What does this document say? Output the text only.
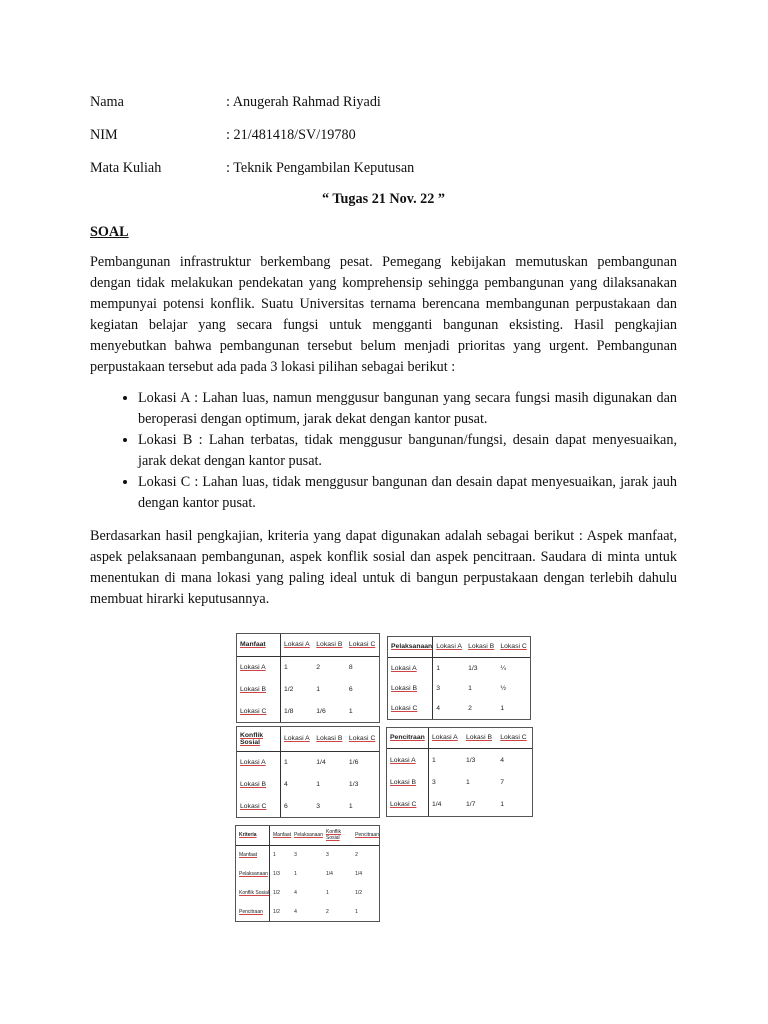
Nama	: Anugerah Rahmad Riyadi
NIM	: 21/481418/SV/19780
Mata Kuliah	: Teknik Pengambilan Keputusan
“ Tugas 21 Nov. 22 ”
SOAL

Pembangunan infrastruktur berkembang pesat. Pemegang kebijakan memutuskan pembangunan dengan tidak melakukan pendekatan yang komprehensip sehingga pembangunan yang dilaksanakan mempunyai potensi konflik. Suatu Universitas ternama berencana membangunan perpustakaan dan kegiatan belajar yang secara fungsi untuk mengganti bangunan eksisting. Hasil pengkajian menyebutkan bahwa pembangunan tersebut belum menjadi prioritas yang urgent. Pembangunan perpustakaan tersebut ada pada 3 lokasi pilihan sebagai berikut :

• Lokasi A : Lahan luas, namun menggusur bangunan yang secara fungsi masih digunakan dan beroperasi dengan optimum, jarak dekat dengan kantor pusat.
• Lokasi B : Lahan terbatas, tidak menggusur bangunan/fungsi, desain dapat menyesuaikan, jarak dekat dengan kantor pusat.
• Lokasi C : Lahan luas, tidak menggusur bangunan dan desain dapat menyesuaikan, jarak jauh dengan kantor pusat.

Berdasarkan hasil pengkajian, kriteria yang dapat digunakan adalah sebagai berikut : Aspek manfaat, aspek pelaksanaan pembangunan, aspek konflik sosial dan aspek pencitraan. Saudara di minta untuk menentukan di mana lokasi yang paling ideal untuk di bangun perpustakaan dengan terlebih dahulu membuat hirarki keputusannya.

Manfaat	Lokasi A	Lokasi B	Lokasi C
Lokasi A	1	2	8
Lokasi B	1/2	1	6
Lokasi C	1/8	1/6	1
Pelaksanaan	Lokasi A	Lokasi B	Lokasi C
Lokasi A	1	1/3	¼
Lokasi B	3	1	½
Lokasi C	4	2	1
Konflik Sosial	Lokasi A	Lokasi B	Lokasi C
Lokasi A	1	1/4	1/6
Lokasi B	4	1	1/3
Lokasi C	6	3	1
Pencitraan	Lokasi A	Lokasi B	Lokasi C
Lokasi A	1	1/3	4
Lokasi B	3	1	7
Lokasi C	1/4	1/7	1
Kriteria	Manfaat	Pelaksanaan	Konflik Sosial	Pencitraan
Manfaat	1	3	3	2
Pelaksanaan	1/3	1	1/4	1/4
Konflik Sosial	1/2	4	1	1/2
Pencitraan	1/2	4	2	1
